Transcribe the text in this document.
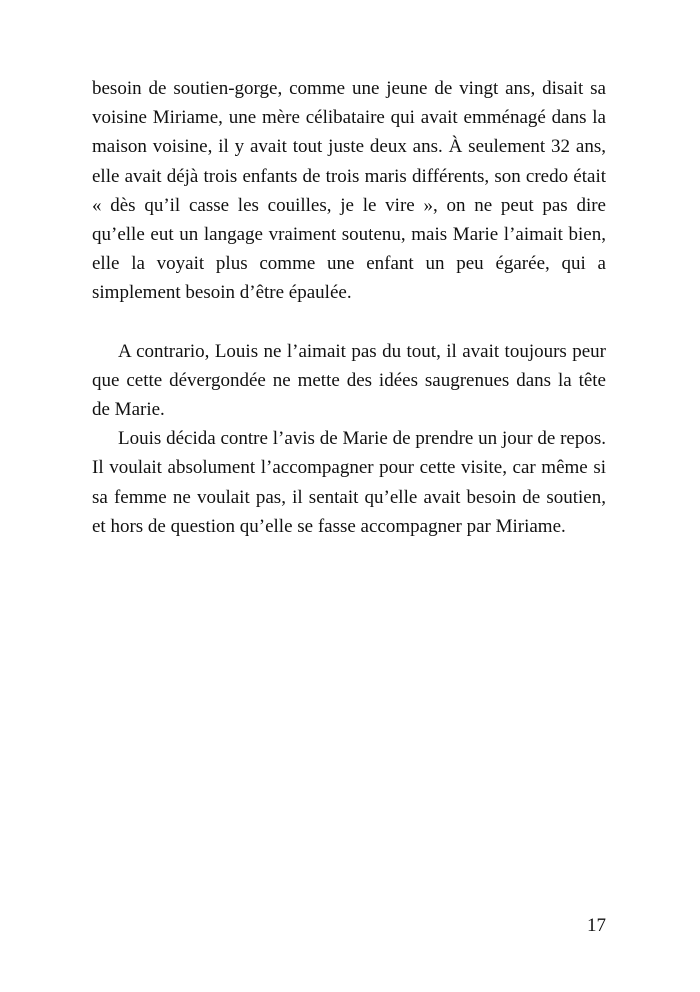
besoin de soutien-gorge, comme une jeune de vingt ans, disait sa voisine Miriame, une mère célibataire qui avait emménagé dans la maison voisine, il y avait tout juste deux ans. À seulement 32 ans, elle avait déjà trois enfants de trois maris différents, son credo était « dès qu’il casse les couilles, je le vire », on ne peut pas dire qu’elle eut un langage vraiment soutenu, mais Marie l’aimait bien, elle la voyait plus comme une enfant un peu égarée, qui a simplement besoin d’être épaulée.

A contrario, Louis ne l’aimait pas du tout, il avait toujours peur que cette dévergondée ne mette des idées saugrenues dans la tête de Marie.

Louis décida contre l’avis de Marie de prendre un jour de repos. Il voulait absolument l’accompagner pour cette visite, car même si sa femme ne voulait pas, il sentait qu’elle avait besoin de soutien, et hors de question qu’elle se fasse accompagner par Miriame.

17
